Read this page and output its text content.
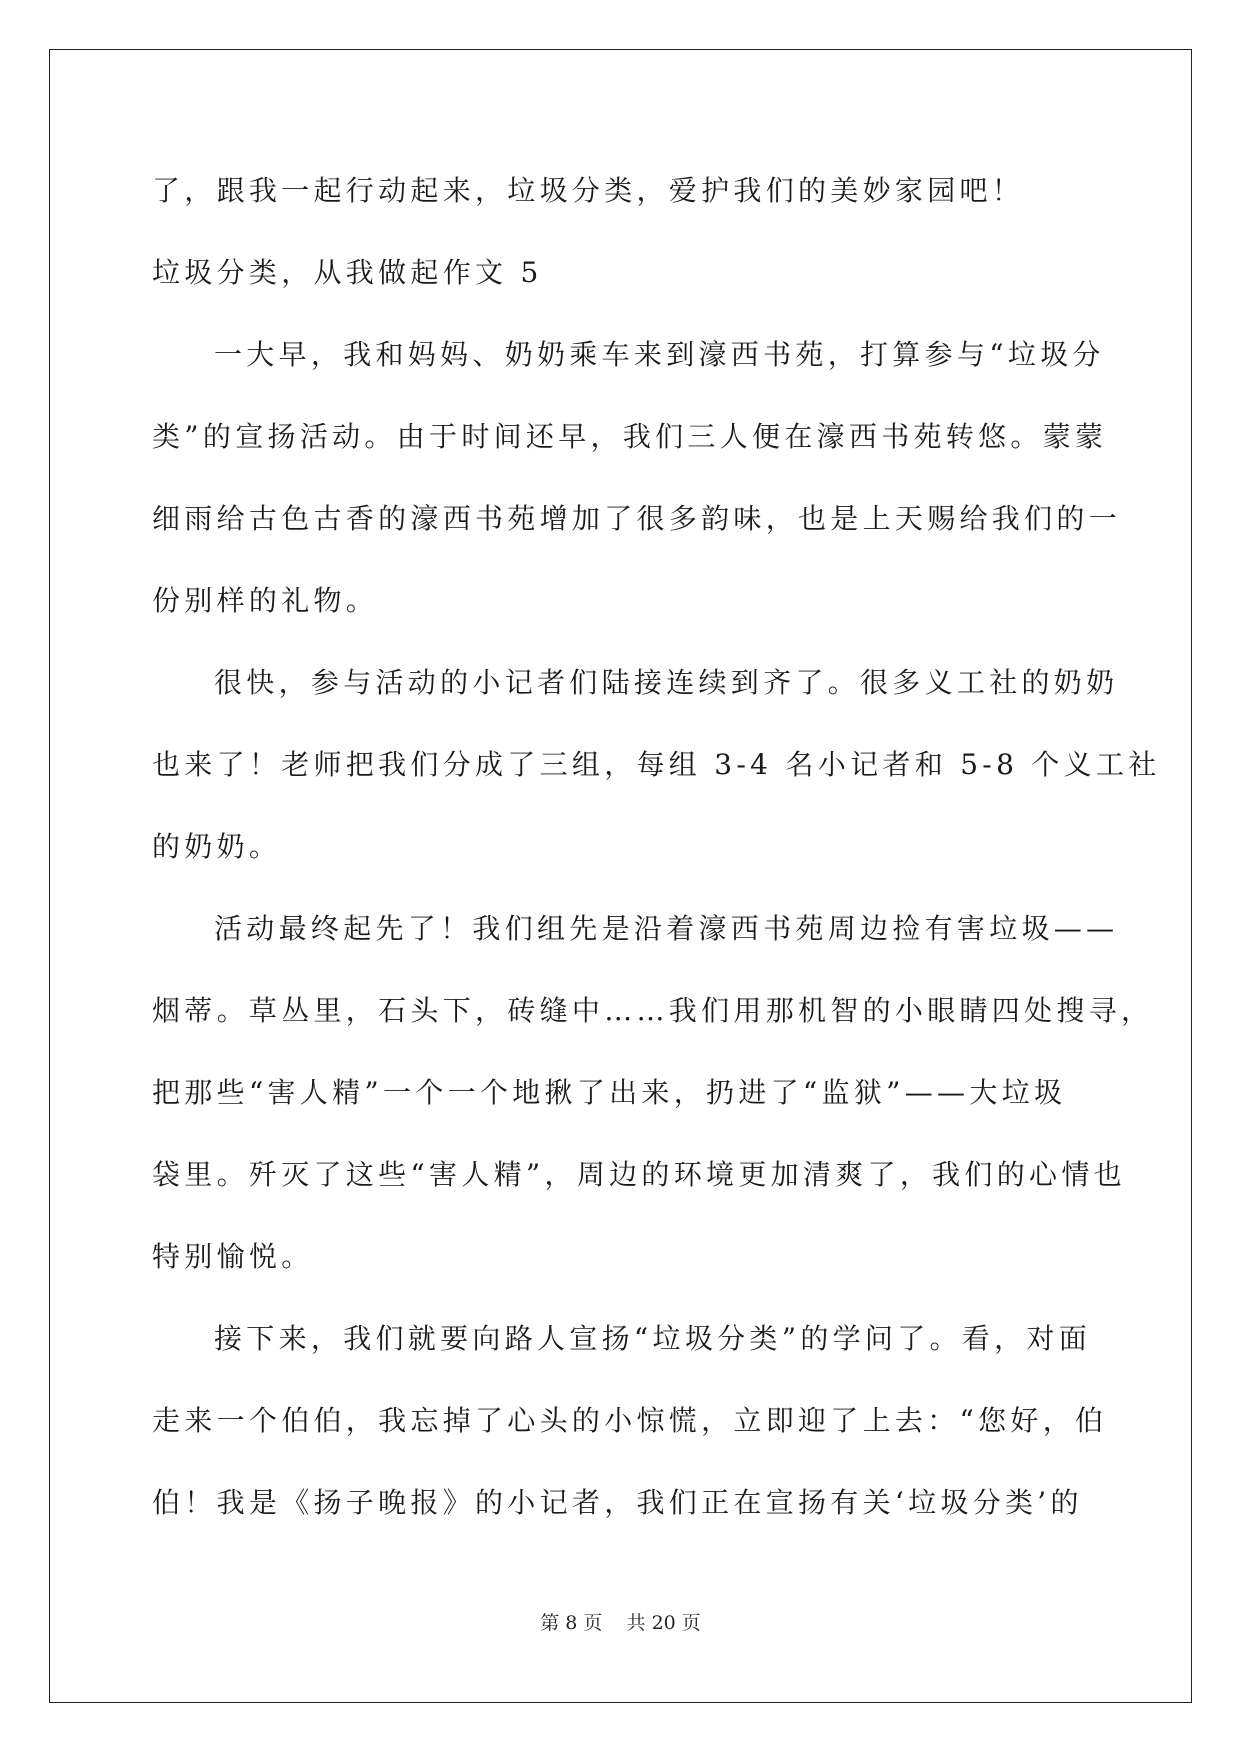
了，跟我一起行动起来，垃圾分类，爱护我们的美妙家园吧！
垃圾分类，从我做起作文 5
一大早，我和妈妈、奶奶乘车来到濠西书苑，打算参与“垃圾分
类”的宣扬活动。由于时间还早，我们三人便在濠西书苑转悠。蒙蒙
细雨给古色古香的濠西书苑增加了很多韵味，也是上天赐给我们的一
份别样的礼物。
很快，参与活动的小记者们陆接连续到齐了。很多义工社的奶奶
也来了！老师把我们分成了三组，每组 3-4 名小记者和 5-8 个义工社
的奶奶。
活动最终起先了！我们组先是沿着濠西书苑周边捡有害垃圾——
烟蒂。草丛里，石头下，砖缝中……我们用那机智的小眼睛四处搜寻，
把那些“害人精”一个一个地揪了出来，扔进了“监狱”——大垃圾
袋里。歼灭了这些“害人精”，周边的环境更加清爽了，我们的心情也
特别愉悦。
接下来，我们就要向路人宣扬“垃圾分类”的学问了。看，对面
走来一个伯伯，我忘掉了心头的小惊慌，立即迎了上去：“您好，伯
伯！我是《扬子晚报》的小记者，我们正在宣扬有关‘垃圾分类’的
第 8 页    共 20 页
